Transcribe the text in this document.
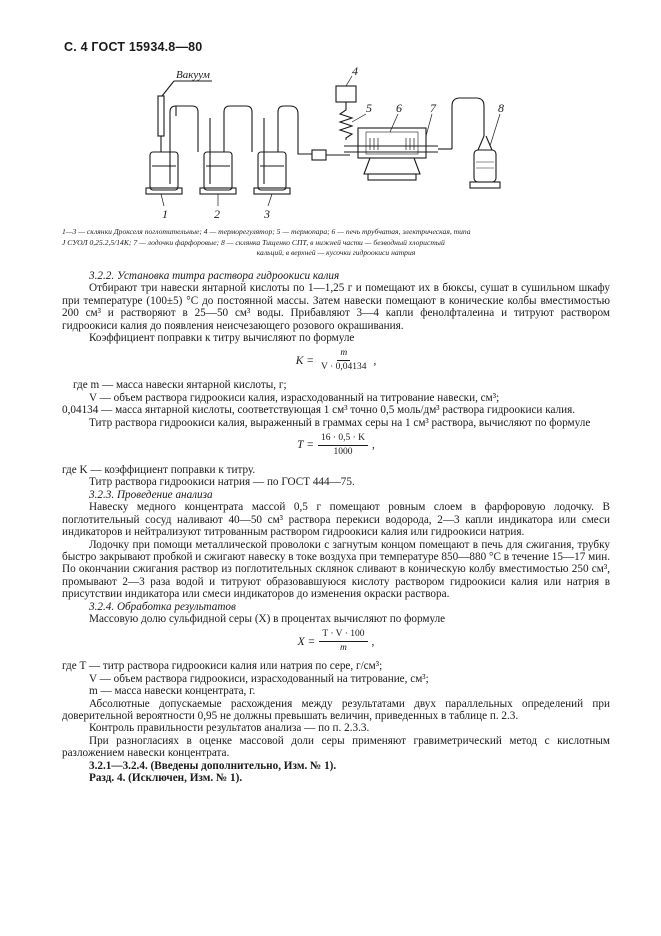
С. 4 ГОСТ 15934.8—80
Вакуум
1	2	3
4
5 6 7	8
1—3 — склянки Дрокселя поглотительные; 4 — терморегулятор; 5 — термопара; 6 — печь трубчатая, электрическая, типа
J СУОЛ 0,25.2,5/14К; 7 — лодочки фарфоровые; 8 — склянка Тищенко СПТ, в нижней части — безводный хлористый
кальций, в верхней — кусочки гидроокиси натрия

3.2.2. Установка титра раствора гидроокиси калия

Отбирают три навески янтарной кислоты по 1—1,25 г и помещают их в бюксы, сушат в сушильном шкафу при температуре (100±5) °С до постоянной массы. Затем навески помещают в конические колбы вместимостью 200 см³ и растворяют в 25—50 см³ воды. Прибавляют 3—4 капли фенолфталеина и титруют раствором гидроокиси калия до появления неисчезающего розового окрашивания.

Коэффициент поправки к титру вычисляют по формуле

$K = \frac{m}{V \cdot 0,04134}$ ,

где m — масса навески янтарной кислоты, г;

V — объем раствора гидроокиси калия, израсходованный на титрование навески, см³;

0,04134 — масса янтарной кислоты, соответствующая 1 см³ точно 0,5 моль/дм³ раствора гидроокиси калия.

Титр раствора гидроокиси калия, выраженный в граммах серы на 1 см³ раствора, вычисляют по формуле

$T = \frac{16 \cdot 0,5 \cdot K}{1000}$ ,

где K — коэффициент поправки к титру.

Титр раствора гидроокиси натрия — по ГОСТ 444—75.

3.2.3. Проведение анализа

Навеску медного концентрата массой 0,5 г помещают ровным слоем в фарфоровую лодочку. В поглотительный сосуд наливают 40—50 см³ раствора перекиси водорода, 2—3 капли индикатора или смеси индикаторов и нейтрализуют титрованным раствором гидроокиси калия или гидроокиси натрия.

Лодочку при помощи металлической проволоки с загнутым концом помещают в печь для сжигания, трубку быстро закрывают пробкой и сжигают навеску в токе воздуха при температуре 850—880 °С в течение 15—17 мин. По окончании сжигания раствор из поглотительных склянок сливают в коническую колбу вместимостью 250 см³, промывают 2—3 раза водой и титруют образовавшуюся кислоту раствором гидроокиси калия или натрия в присутствии индикатора или смеси индикаторов до изменения окраски раствора.

3.2.4. Обработка результатов

Массовую долю сульфидной серы (X) в процентах вычисляют по формуле

$X = \frac{T \cdot V \cdot 100}{m}$ ,

где T — титр раствора гидроокиси калия или натрия по сере, г/см³;

V — объем раствора гидроокиси, израсходованный на титрование, см³;

m — масса навески концентрата, г.

Абсолютные допускаемые расхождения между результатами двух параллельных определений при доверительной вероятности 0,95 не должны превышать величин, приведенных в таблице п. 2.3.

Контроль правильности результатов анализа — по п. 2.3.3.

При разногласиях в оценке массовой доли серы применяют гравиметрический метод с кислотным разложением навески концентрата.

3.2.1—3.2.4. (Введены дополнительно, Изм. № 1).

Разд. 4. (Исключен, Изм. № 1).
